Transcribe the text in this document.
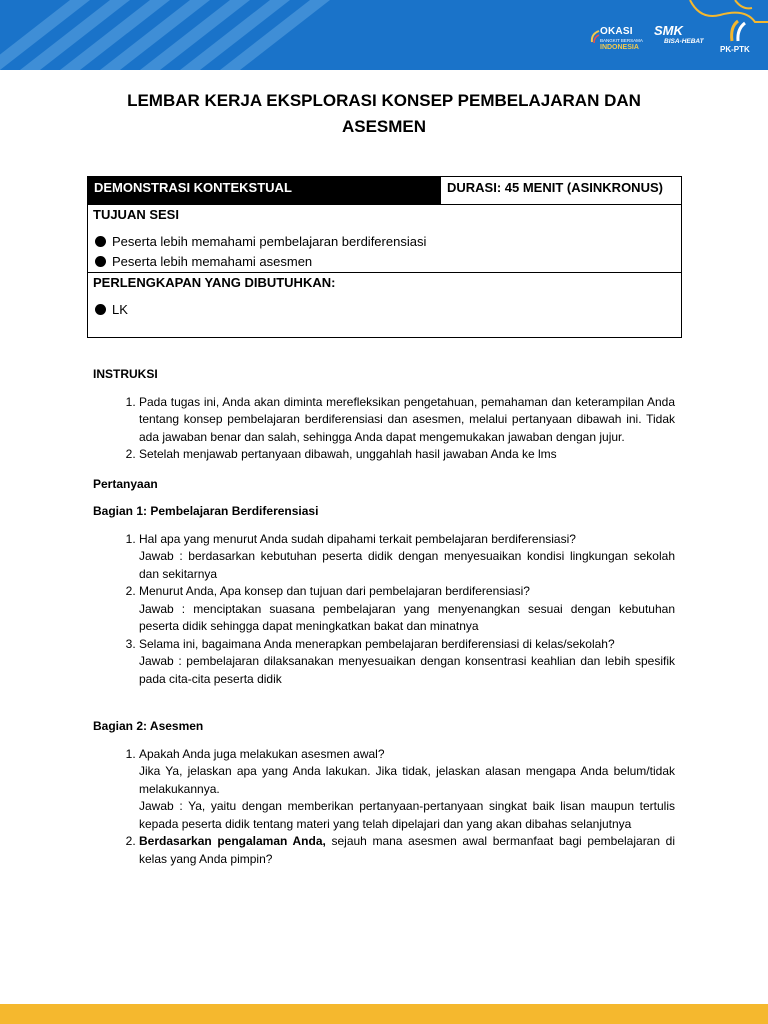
OKASI
BANGKIT BERSAMA
INDONESIA
SMK
BISA-HEBAT
PK-PTK
LEMBAR KERJA EKSPLORASI KONSEP PEMBELAJARAN DAN ASESMEN
DEMONSTRASI KONTEKSTUAL	DURASI: 45 MENIT (ASINKRONUS)
TUJUAN SESI
Peserta lebih memahami pembelajaran berdiferensiasi
Peserta lebih memahami asesmen
PERLENGKAPAN YANG DIBUTUHKAN:
LK
INSTRUKSI
1. Pada tugas ini, Anda akan diminta merefleksikan pengetahuan, pemahaman dan keterampilan Anda tentang konsep pembelajaran berdiferensiasi dan asesmen, melalui pertanyaan dibawah ini. Tidak ada jawaban benar dan salah, sehingga Anda dapat mengemukakan jawaban dengan jujur.
2. Setelah menjawab pertanyaan dibawah, unggahlah hasil jawaban Anda ke lms
Pertanyaan
Bagian 1: Pembelajaran Berdiferensiasi
1. Hal apa yang menurut Anda sudah dipahami terkait pembelajaran berdiferensiasi?
Jawab : berdasarkan kebutuhan peserta didik dengan menyesuaikan kondisi lingkungan sekolah dan sekitarnya
2. Menurut Anda, Apa konsep dan tujuan dari pembelajaran berdiferensiasi?
Jawab : menciptakan suasana pembelajaran yang menyenangkan sesuai dengan kebutuhan peserta didik sehingga dapat meningkatkan bakat dan minatnya
3. Selama ini, bagaimana Anda menerapkan pembelajaran berdiferensiasi di kelas/sekolah?
Jawab : pembelajaran dilaksanakan menyesuaikan dengan konsentrasi keahlian dan lebih spesifik pada cita-cita peserta didik
Bagian 2: Asesmen
1. Apakah Anda juga melakukan asesmen awal?
Jika Ya, jelaskan apa yang Anda lakukan. Jika tidak, jelaskan alasan mengapa Anda belum/tidak melakukannya.
Jawab : Ya, yaitu dengan memberikan pertanyaan-pertanyaan singkat baik lisan maupun tertulis kepada peserta didik tentang materi yang telah dipelajari dan yang akan dibahas selanjutnya
2. Berdasarkan pengalaman Anda, sejauh mana asesmen awal bermanfaat bagi pembelajaran di kelas yang Anda pimpin?
